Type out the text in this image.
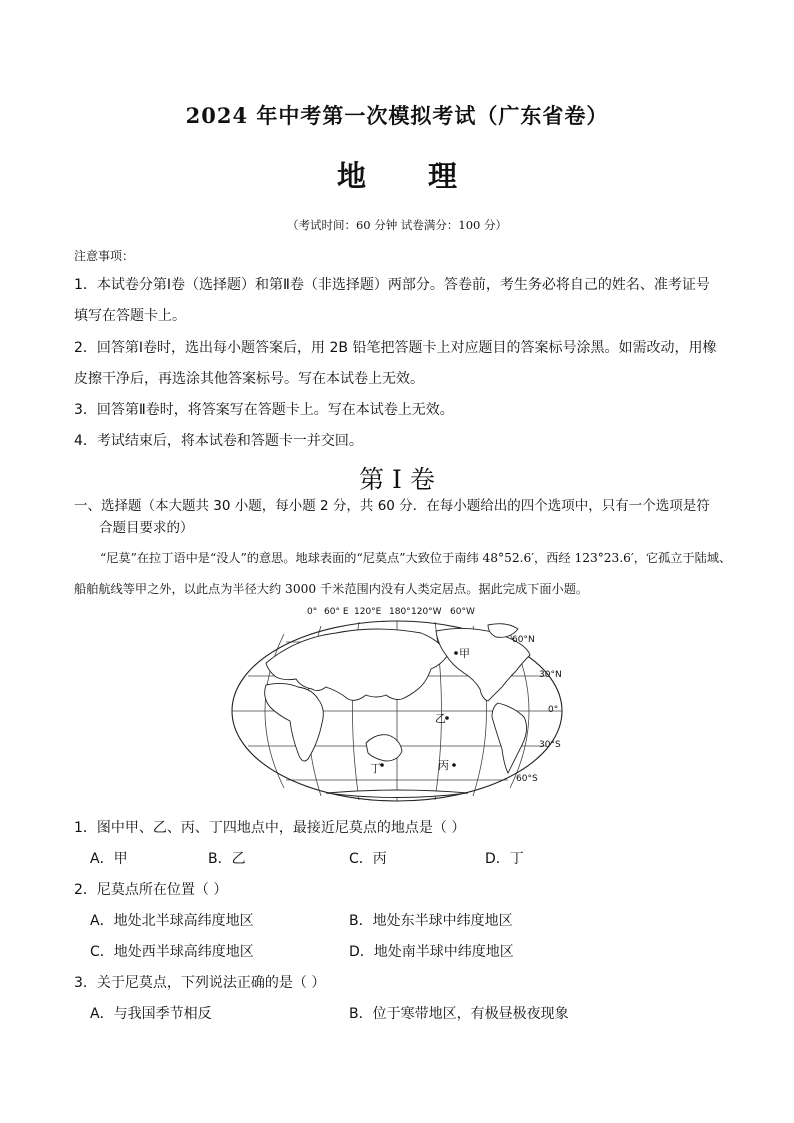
2024 年中考第一次模拟考试（广东省卷）
地 理
（考试时间：60 分钟 试卷满分：100 分）
注意事项：
1．本试卷分第Ⅰ卷（选择题）和第Ⅱ卷（非选择题）两部分。答卷前，考生务必将自己的姓名、准考证号
填写在答题卡上。
2．回答第Ⅰ卷时，选出每小题答案后，用 2B 铅笔把答题卡上对应题目的答案标号涂黑。如需改动，用橡
皮擦干净后，再选涂其他答案标号。写在本试卷上无效。
3．回答第Ⅱ卷时，将答案写在答题卡上。写在本试卷上无效。
4．考试结束后，将本试卷和答题卡一并交回。
第 I 卷
一、选择题（本大题共 30 小题，每小题 2 分，共 60 分．在每小题给出的四个选项中，只有一个选项是符
合题目要求的）
“尼莫”在拉丁语中是“没人”的意思。地球表面的“尼莫点”大致位于南纬 48°52.6′，西经 123°23.6′，它孤立于陆域、船舶航线等甲之外，以此点为半径大约 3000 千米范围内没有人类定居点。据此完成下面小题。
0° 60° E 120°E 180° 120°W 60°W
甲
乙
丙
丁
60°N
30°N
0°
30°S
60°S
1．图中甲、乙、丙、丁四地点中，最接近尼莫点的地点是（ ）
A．甲	B．乙	C．丙	D．丁
2．尼莫点所在位置（ ）
A．地处北半球高纬度地区	B．地处东半球中纬度地区
C．地处西半球高纬度地区	D．地处南半球中纬度地区
3．关于尼莫点，下列说法正确的是（ ）
A．与我国季节相反	B．位于寒带地区，有极昼极夜现象
